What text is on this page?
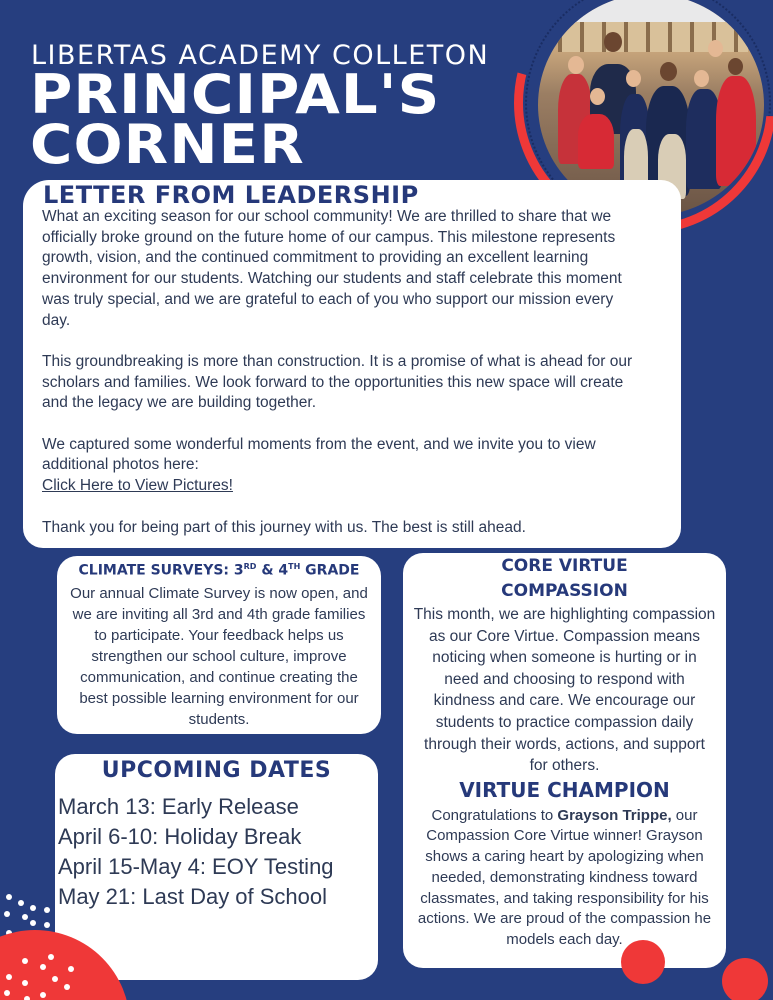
LIBERTAS ACADEMY COLLETON
PRINCIPAL'S
CORNER
LETTER FROM LEADERSHIP

What an exciting season for our school community! We are thrilled to share that we officially broke ground on the future home of our campus. This milestone represents growth, vision, and the continued commitment to providing an excellent learning environment for our students. Watching our students and staff celebrate this moment was truly special, and we are grateful to each of you who support our mission every day.

This groundbreaking is more than construction. It is a promise of what is ahead for our scholars and families. We look forward to the opportunities this new space will create and the legacy we are building together.

We captured some wonderful moments from the event, and we invite you to view additional photos here:
Click Here to View Pictures!

Thank you for being part of this journey with us. The best is still ahead.

CLIMATE SURVEYS: 3RD & 4TH GRADE

Our annual Climate Survey is now open, and we are inviting all 3rd and 4th grade families to participate. Your feedback helps us strengthen our school culture, improve communication, and continue creating the best possible learning environment for our students.

CORE VIRTUE
COMPASSION

This month, we are highlighting compassion as our Core Virtue. Compassion means noticing when someone is hurting or in need and choosing to respond with kindness and care. We encourage our students to practice compassion daily through their words, actions, and support for others.

VIRTUE CHAMPION

Congratulations to Grayson Trippe, our Compassion Core Virtue winner! Grayson shows a caring heart by apologizing when needed, demonstrating kindness toward classmates, and taking responsibility for his actions. We are proud of the compassion he models each day.

UPCOMING DATES
March 13: Early Release
April 6-10: Holiday Break
April 15-May 4: EOY Testing
May 21: Last Day of School
